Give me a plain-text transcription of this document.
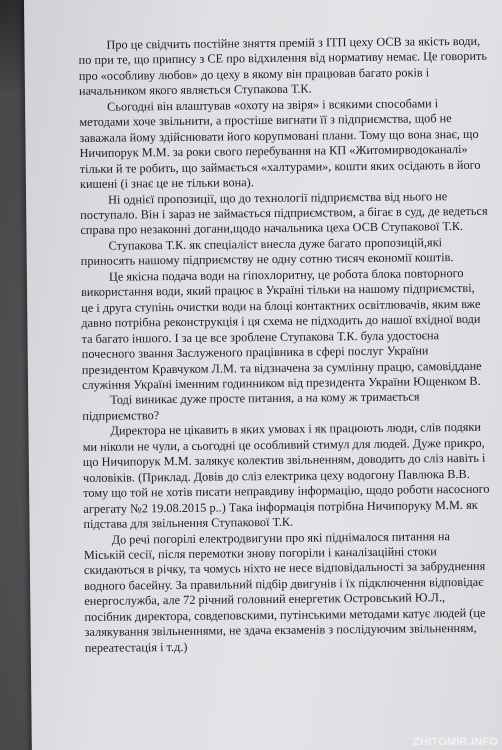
Про це свідчить постійне зняття премій з ІТП цеху ОСВ за якість води,
по при те, що припису з СЕ про відхилення від нормативу немає. Це говорить
про «особливу любов» до цеху в якому він працював багато років і
начальником якого являється Ступакова Т.К.

Сьогодні він влаштував «охоту на звіря» і всякими способами і
методами хоче звільнити, а простіше вигнати її з підприємства, щоб не
заважала йому здійснювати його корупмованi плани. Тому що вона знає, що
Ничипорук М.М. за роки свого перебування на КП «Житомирводоканалі»
тільки й те робить, що займається «халтурами», кошти яких осідають в його
кишені (і знає це не тільки вона).

Ні однієї пропозиції, що до технології підприємства від нього не
поступало. Він і зараз не займається підприємством, а бігає в суд, де ведеться
справа про незаконні догани,щодо начальника цеха ОСВ Ступакової Т.К.

Ступакова Т.К. як спеціаліст внесла дуже багато пропозицій,які
приносять нашому підприємству не одну сотню тисяч економії коштів.

Це якісна подача води на гіпохлоритну, це робота блока повторного
використання води, який працює в Україні тільки на нашому підприємстві,
це і друга ступінь очистки води на блоці контактних освітлювачів, яким вже
давно потрібна реконструкція і ця схема не підходить до нашої вхідної води
та багато іншого. І за це все зроблене Ступакова Т.К. була удостоєна
почесного звання Заслуженого працівника в сфері послуг України
президентом Кравчуком Л.М. та відзначена за сумлінну працю, самовіддане
служіння Україні іменним годинником від президента України Ющенком В.

Тоді виникає дуже просте питання, а на кому ж тримається
підприємство?

Директора не цікавить в яких умовах і як працюють люди, слів подяки
ми ніколи не чули, а сьогодні це особливий стимул для людей. Дуже прикро,
що Ничипорук М.М. залякує колектив звільненням, доводить до сліз навіть і
чоловіків. (Приклад. Довів до сліз електрика цеху водогону Павлюка В.В.
тому що той не хотів писати неправдиву інформацію, щодо роботи насосного
агрегату №2 19.08.2015 р..) Така інформація потрібна Ничипоруку М.М. як
підстава для звільнення Ступакової Т.К.

До речі погорілі електродвигуни про які піднімалося питання на
Міській сесії, після перемотки знову погоріли і каналізаційні стоки
скидаються в річку, та чомусь ніхто не несе відповідальності за забруднення
водного басейну. За правильний підбір двигунів і їх підключення відповідає
енергослужба, але 72 річний головний енергетик Островський Ю.Л.,
посібник директора, совдеповскими, путінськими методами катує людей (це
залякування звільненнями, не здача екзаменів з послідуючим звільненням,
переатестація і т.д.)

ZHITOMIR.INFO
